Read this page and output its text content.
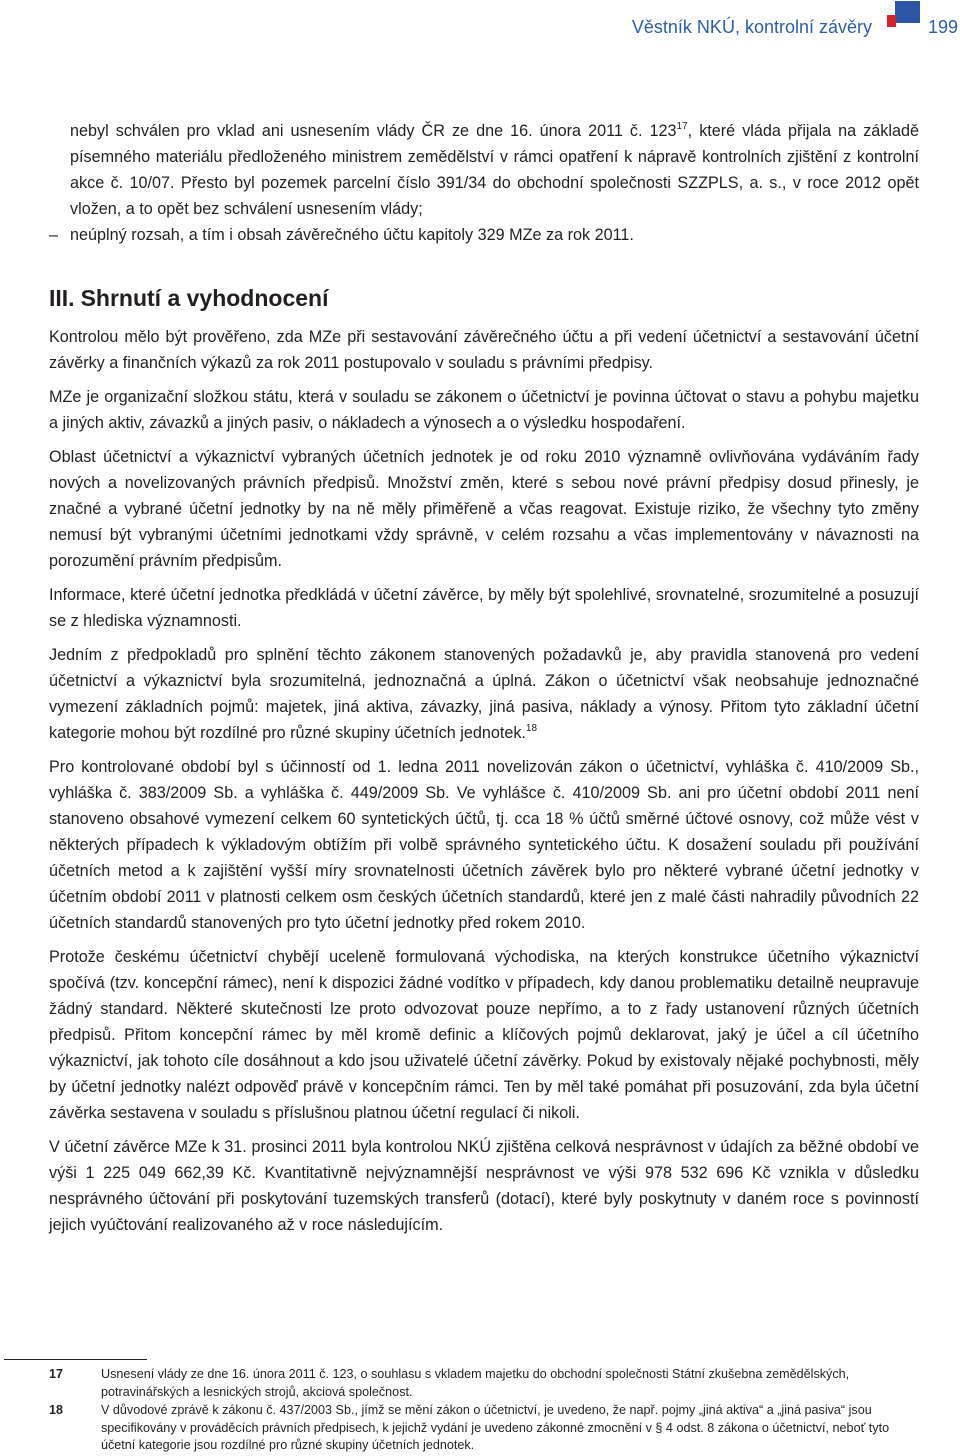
Věstník NKÚ, kontrolní závěry	199

nebyl schválen pro vklad ani usnesením vlády ČR ze dne 16. února 2011 č. $123^{17}$, které vláda přijala na základě písemného materiálu předloženého ministrem zemědělství v rámci opatření k nápravě kontrolních zjištění z kontrolní akce č. 10/07. Přesto byl pozemek parcelní číslo 391/34 do obchodní společnosti SZZPLS, a. s., v roce 2012 opět vložen, a to opět bez schválení usnesením vlády;

– neúplný rozsah, a tím i obsah závěrečného účtu kapitoly 329 MZe za rok 2011.

III. Shrnutí a vyhodnocení

Kontrolou mělo být prověřeno, zda MZe při sestavování závěrečného účtu a při vedení účetnictví a sestavování účetní závěrky a finančních výkazů za rok 2011 postupovalo v souladu s právními předpisy.

MZe je organizační složkou státu, která v souladu se zákonem o účetnictví je povinna účtovat o stavu a pohybu majetku a jiných aktiv, závazků a jiných pasiv, o nákladech a výnosech a o výsledku hospodaření.

Oblast účetnictví a výkaznictví vybraných účetních jednotek je od roku 2010 významně ovlivňována vydáváním řady nových a novelizovaných právních předpisů. Množství změn, které s sebou nové právní předpisy dosud přinesly, je značné a vybrané účetní jednotky by na ně měly přiměřeně a včas reagovat. Existuje riziko, že všechny tyto změny nemusí být vybranými účetními jednotkami vždy správně, v celém rozsahu a včas implementovány v návaznosti na porozumění právním předpisům.

Informace, které účetní jednotka předkládá v účetní závěrce, by měly být spolehlivé, srovnatelné, srozumitelné a posuzují se z hlediska významnosti.

Jedním z předpokladů pro splnění těchto zákonem stanovených požadavků je, aby pravidla stanovená pro vedení účetnictví a výkaznictví byla srozumitelná, jednoznačná a úplná. Zákon o účetnictví však neobsahuje jednoznačné vymezení základních pojmů: majetek, jiná aktiva, závazky, jiná pasiva, náklady a výnosy. Přitom tyto základní účetní kategorie mohou být rozdílné pro různé skupiny účetních jednotek.$^{18}$

Pro kontrolované období byl s účinností od 1. ledna 2011 novelizován zákon o účetnictví, vyhláška č. 410/2009 Sb., vyhláška č. 383/2009 Sb. a vyhláška č. 449/2009 Sb. Ve vyhlášce č. 410/2009 Sb. ani pro účetní období 2011 není stanoveno obsahové vymezení celkem 60 syntetických účtů, tj. cca 18 % účtů směrné účtové osnovy, což může vést v některých případech k výkladovým obtížím při volbě správného syntetického účtu. K dosažení souladu při používání účetních metod a k zajištění vyšší míry srovnatelnosti účetních závěrek bylo pro některé vybrané účetní jednotky v účetním období 2011 v platnosti celkem osm českých účetních standardů, které jen z malé části nahradily původních 22 účetních standardů stanovených pro tyto účetní jednotky před rokem 2010.

Protože českému účetnictví chybějí uceleně formulovaná východiska, na kterých konstrukce účetního výkaznictví spočívá (tzv. koncepční rámec), není k dispozici žádné vodítko v případech, kdy danou problematiku detailně neupravuje žádný standard. Některé skutečnosti lze proto odvozovat pouze nepřímo, a to z řady ustanovení různých účetních předpisů. Přitom koncepční rámec by měl kromě definic a klíčových pojmů deklarovat, jaký je účel a cíl účetního výkaznictví, jak tohoto cíle dosáhnout a kdo jsou uživatelé účetní závěrky. Pokud by existovaly nějaké pochybnosti, měly by účetní jednotky nalézt odpověď právě v koncepčním rámci. Ten by měl také pomáhat při posuzování, zda byla účetní závěrka sestavena v souladu s příslušnou platnou účetní regulací či nikoli.

V účetní závěrce MZe k 31. prosinci 2011 byla kontrolou NKÚ zjištěna celková nesprávnost v údajích za běžné období ve výši 1 225 049 662,39 Kč. Kvantitativně nejvýznamnější nesprávnost ve výši 978 532 696 Kč vznikla v důsledku nesprávného účtování při poskytování tuzemských transferů (dotací), které byly poskytnuty v daném roce s povinností jejich vyúčtování realizovaného až v roce následujícím.

17	Usnesení vlády ze dne 16. února 2011 č. 123, o souhlasu s vkladem majetku do obchodní společnosti Státní zkušebna zemědělských, potravinářských a lesnických strojů, akciová společnost.
18	V důvodové zprávě k zákonu č. 437/2003 Sb., jímž se mění zákon o účetnictví, je uvedeno, že např. pojmy „jiná aktiva“ a „jiná pasiva“ jsou specifikovány v prováděcích právních předpisech, k jejichž vydání je uvedeno zákonné zmocnění v § 4 odst. 8 zákona o účetnictví, neboť tyto účetní kategorie jsou rozdílné pro různé skupiny účetních jednotek.
